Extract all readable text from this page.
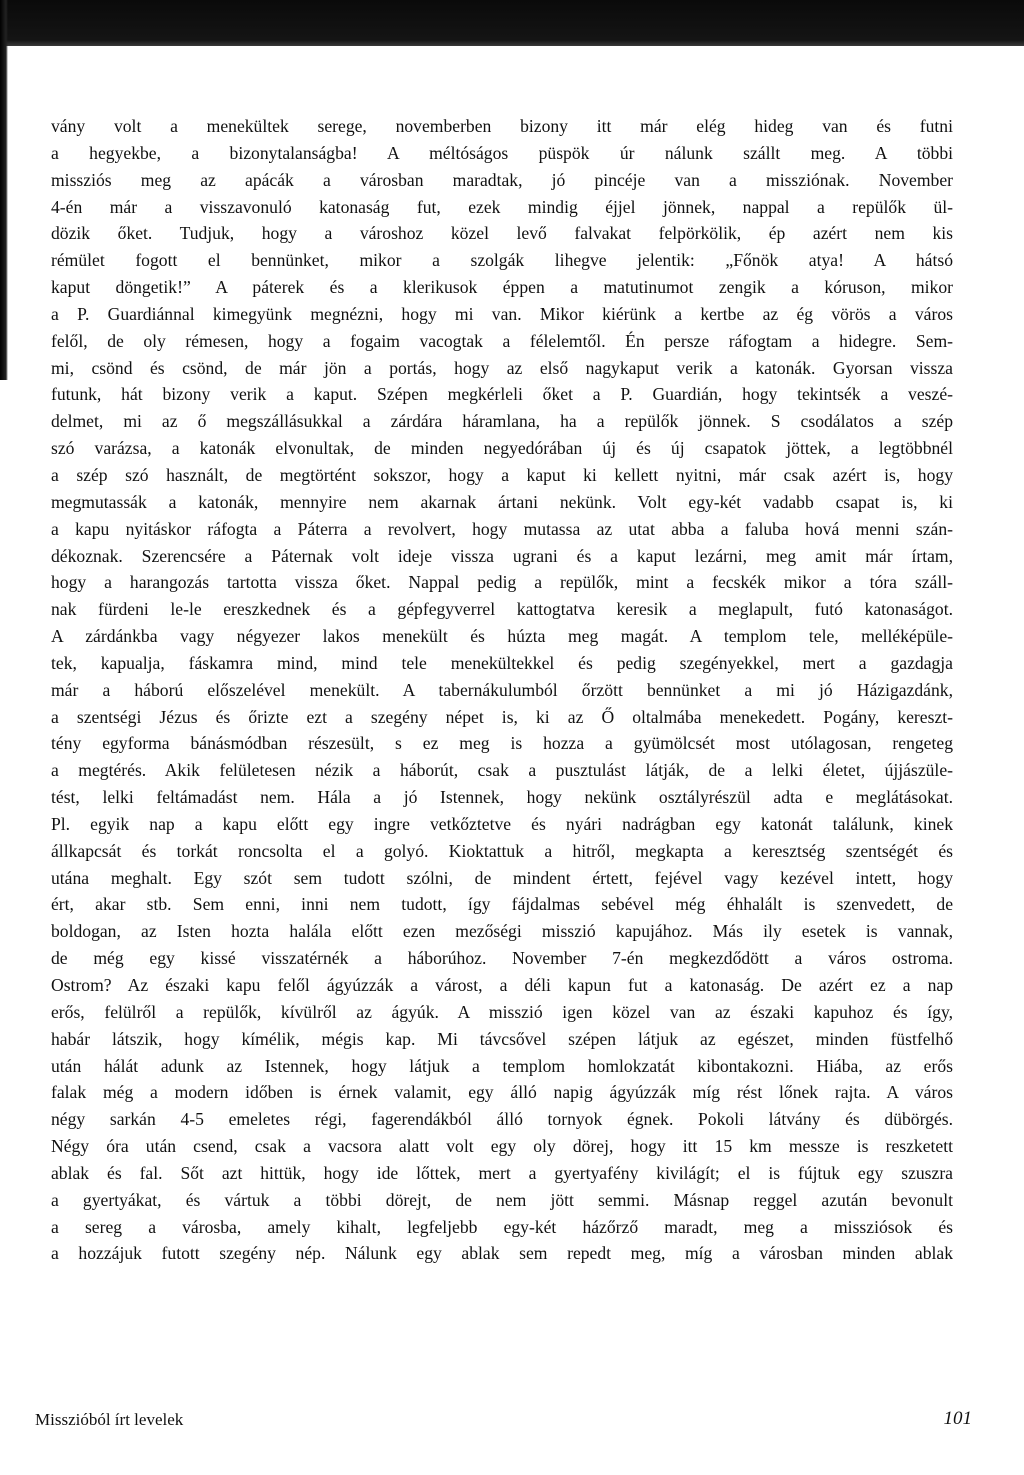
vány volt a menekültek serege, novemberben bizony itt már elég hideg van és futni
a hegyekbe, a bizonytalanságba! A méltóságos püspök úr nálunk szállt meg. A többi
missziós meg az apácák a városban maradtak, jó pincéje van a missziónak. November
4-én már a visszavonuló katonaság fut, ezek mindig éjjel jönnek, nappal a repülők ül-
dözik őket. Tudjuk, hogy a városhoz közel levő falvakat felpörkölik, ép azért nem kis
rémület fogott el bennünket, mikor a szolgák lihegve jelentik: „Főnök atya! A hátsó
kaput döngetik!” A páterek és a klerikusok éppen a matutinumot zengik a kóruson, mikor
a P. Guardiánnal kimegyünk megnézni, hogy mi van. Mikor kiérünk a kertbe az ég vörös a város
felől, de oly rémesen, hogy a fogaim vacogtak a félelemtől. Én persze ráfogtam a hidegre. Sem-
mi, csönd és csönd, de már jön a portás, hogy az első nagykaput verik a katonák. Gyorsan vissza
futunk, hát bizony verik a kaput. Szépen megkérleli őket a P. Guardián, hogy tekintsék a veszé-
delmet, mi az ő megszállásukkal a zárdára háramlana, ha a repülők jönnek. S csodálatos a szép
szó varázsa, a katonák elvonultak, de minden negyedórában új és új csapatok jöttek, a legtöbbnél
a szép szó használt, de megtörtént sokszor, hogy a kaput ki kellett nyitni, már csak azért is, hogy
megmutassák a katonák, mennyire nem akarnak ártani nekünk. Volt egy-két vadabb csapat is, ki
a kapu nyitáskor ráfogta a Páterra a revolvert, hogy mutassa az utat abba a faluba hová menni szán-
dékoznak. Szerencsére a Páternak volt ideje vissza ugrani és a kaput lezárni, meg amit már írtam,
hogy a harangozás tartotta vissza őket. Nappal pedig a repülők, mint a fecskék mikor a tóra száll-
nak fürdeni le-le ereszkednek és a gépfegyverrel kattogtatva keresik a meglapult, futó katonaságot.
A zárdánkba vagy négyezer lakos menekült és húzta meg magát. A templom tele, melléképüle-
tek, kapualja, fáskamra mind, mind tele menekültekkel és pedig szegényekkel, mert a gazdagja
már a háború előszelével menekült. A tabernákulumból őrzött bennünket a mi jó Házigazdánk,
a szentségi Jézus és őrizte ezt a szegény népet is, ki az Ő oltalmába menekedett. Pogány, kereszt-
tény egyforma bánásmódban részesült, s ez meg is hozza a gyümölcsét most utólagosan, rengeteg
a megtérés. Akik felületesen nézik a háborút, csak a pusztulást látják, de a lelki életet, újjászüle-
tést, lelki feltámadást nem. Hála a jó Istennek, hogy nekünk osztályrészül adta e meglátásokat.
Pl. egyik nap a kapu előtt egy ingre vetkőztetve és nyári nadrágban egy katonát találunk, kinek
állkapcsát és torkát roncsolta el a golyó. Kioktattuk a hitről, megkapta a keresztség szentségét és
utána meghalt. Egy szót sem tudott szólni, de mindent értett, fejével vagy kezével intett, hogy
ért, akar stb. Sem enni, inni nem tudott, így fájdalmas sebével még éhhalált is szenvedett, de
boldogan, az Isten hozta halála előtt ezen mezőségi misszió kapujához. Más ily esetek is vannak,
de még egy kissé visszatérnék a háborúhoz. November 7-én megkezdődött a város ostroma.
Ostrom? Az északi kapu felől ágyúzzák a várost, a déli kapun fut a katonaság. De azért ez a nap
erős, felülről a repülők, kívülről az ágyúk. A misszió igen közel van az északi kapuhoz és így,
habár látszik, hogy kímélik, mégis kap. Mi távcsővel szépen látjuk az egészet, minden füstfelhő
után hálát adunk az Istennek, hogy látjuk a templom homlokzatát kibontakozni. Hiába, az erős
falak még a modern időben is érnek valamit, egy álló napig ágyúzzák míg rést lőnek rajta. A város
négy sarkán 4-5 emeletes régi, fagerendákból álló tornyok égnek. Pokoli látvány és dübörgés.
Négy óra után csend, csak a vacsora alatt volt egy oly dörej, hogy itt 15 km messze is reszketett
ablak és fal. Sőt azt hittük, hogy ide lőttek, mert a gyertyafény kivilágít; el is fújtuk egy szuszra
a gyertyákat, és vártuk a többi dörejt, de nem jött semmi. Másnap reggel azután bevonult
a sereg a városba, amely kihalt, legfeljebb egy-két házőrző maradt, meg a missziósok és
a hozzájuk futott szegény nép. Nálunk egy ablak sem repedt meg, míg a városban minden ablak
Misszióból írt levelek	101
